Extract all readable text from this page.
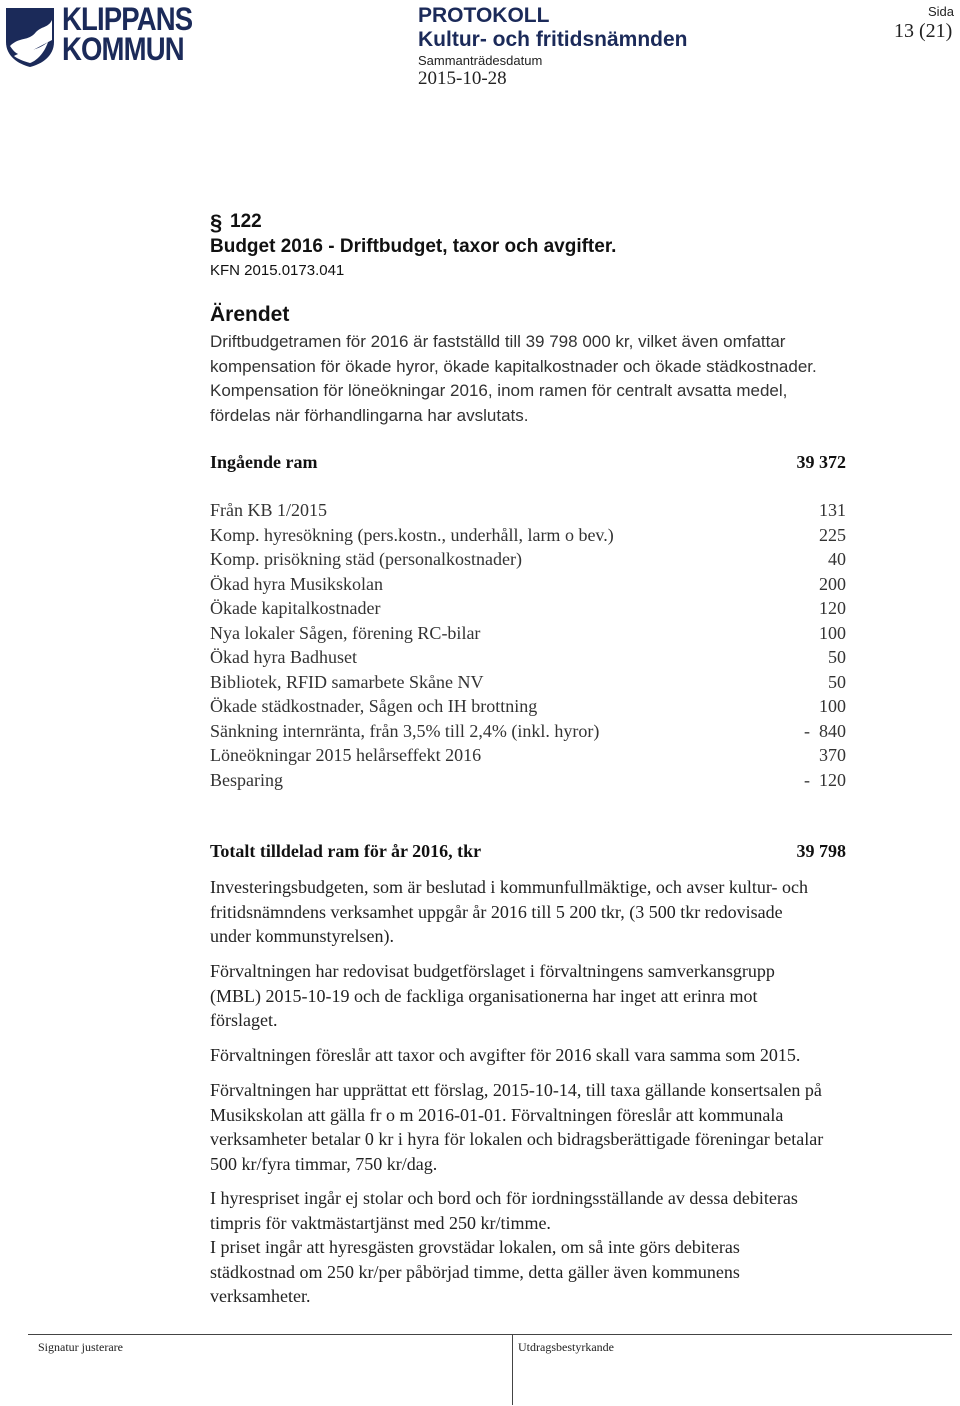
KLIPPANS
KOMMUN
PROTOKOLL
Kultur- och fritidsnämnden
Sammanträdesdatum
2015-10-28
Sida
13 (21)
§ 122
Budget 2016 - Driftbudget, taxor och avgifter.
KFN 2015.0173.041
Ärendet
Driftbudgetramen för 2016 är fastställd till 39 798 000 kr, vilket även omfattar
kompensation för ökade hyror, ökade kapitalkostnader och ökade städkostnader.
Kompensation för löneökningar 2016, inom ramen för centralt avsatta medel,
fördelas när förhandlingarna har avslutats.
Ingående ram	39 372
Från KB 1/2015	131
Komp. hyresökning (pers.kostn., underhåll, larm o bev.)	225
Komp. prisökning städ (personalkostnader)	40
Ökad hyra Musikskolan	200
Ökade kapitalkostnader	120
Nya lokaler Sågen, förening RC-bilar	100
Ökad hyra Badhuset	50
Bibliotek, RFID samarbete Skåne NV	50
Ökade städkostnader, Sågen och IH brottning	100
Sänkning internränta, från 3,5% till 2,4% (inkl. hyror)	-  840
Löneökningar 2015 helårseffekt 2016	370
Besparing	-  120
Totalt tilldelad ram för år 2016, tkr	39 798
Investeringsbudgeten, som är beslutad i kommunfullmäktige, och avser kultur- och
fritidsnämndens verksamhet uppgår år 2016 till 5 200 tkr, (3 500 tkr redovisade
under kommunstyrelsen).
Förvaltningen har redovisat budgetförslaget i förvaltningens samverkansgrupp
(MBL) 2015-10-19 och de fackliga organisationerna har inget att erinra mot
förslaget.
Förvaltningen föreslår att taxor och avgifter för 2016 skall vara samma som 2015.
Förvaltningen har upprättat ett förslag, 2015-10-14, till taxa gällande konsertsalen på
Musikskolan att gälla fr o m 2016-01-01. Förvaltningen föreslår att kommunala
verksamheter betalar 0 kr i hyra för lokalen och bidragsberättigade föreningar betalar
500 kr/fyra timmar, 750 kr/dag.
I hyrespriset ingår ej stolar och bord och för iordningsställande av dessa debiteras
timpris för vaktmästartjänst med 250 kr/timme.
I priset ingår att hyresgästen grovstädar lokalen, om så inte görs debiteras
städkostnad om 250 kr/per påbörjad timme, detta gäller även kommunens
verksamheter.
Signatur justerare	Utdragsbestyrkande
